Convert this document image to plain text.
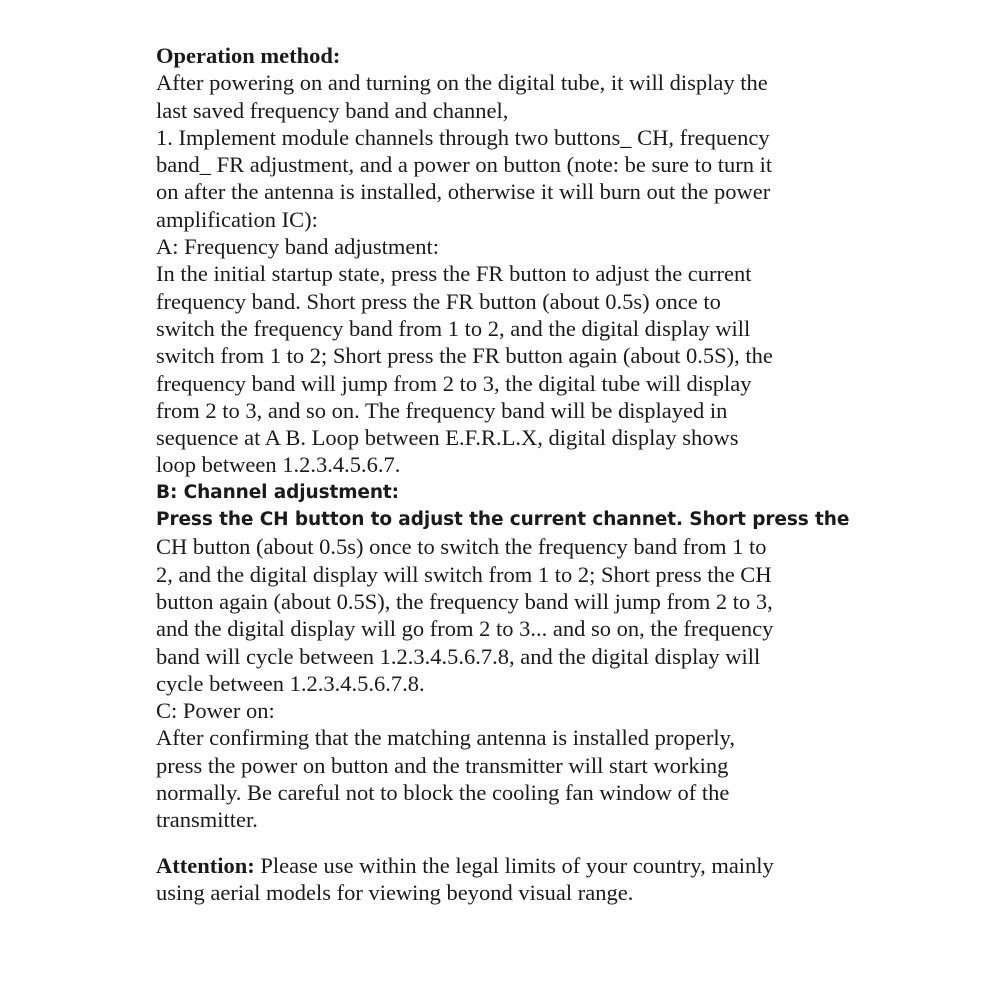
Operation method:
After powering on and turning on the digital tube, it will display the
last saved frequency band and channel,
1. Implement module channels through two buttons_ CH, frequency
band_ FR adjustment, and a power on button (note: be sure to turn it
on after the antenna is installed, otherwise it will burn out the power
amplification IC):
A: Frequency band adjustment:
In the initial startup state, press the FR button to adjust the current
frequency band. Short press the FR button (about 0.5s) once to
switch the frequency band from 1 to 2, and the digital display will
switch from 1 to 2; Short press the FR button again (about 0.5S), the
frequency band will jump from 2 to 3, the digital tube will display
from 2 to 3, and so on. The frequency band will be displayed in
sequence at A B. Loop between E.F.R.L.X, digital display shows
loop between 1.2.3.4.5.6.7.
B: Channel adjustment:
Press the CH button to adjust the current channet. Short press the
CH button (about 0.5s) once to switch the frequency band from 1 to
2, and the digital display will switch from 1 to 2; Short press the CH
button again (about 0.5S), the frequency band will jump from 2 to 3,
and the digital display will go from 2 to 3... and so on, the frequency
band will cycle between 1.2.3.4.5.6.7.8, and the digital display will
cycle between 1.2.3.4.5.6.7.8.
C: Power on:
After confirming that the matching antenna is installed properly,
press the power on button and the transmitter will start working
normally. Be careful not to block the cooling fan window of the
transmitter.
Attention: Please use within the legal limits of your country, mainly
using aerial models for viewing beyond visual range.
